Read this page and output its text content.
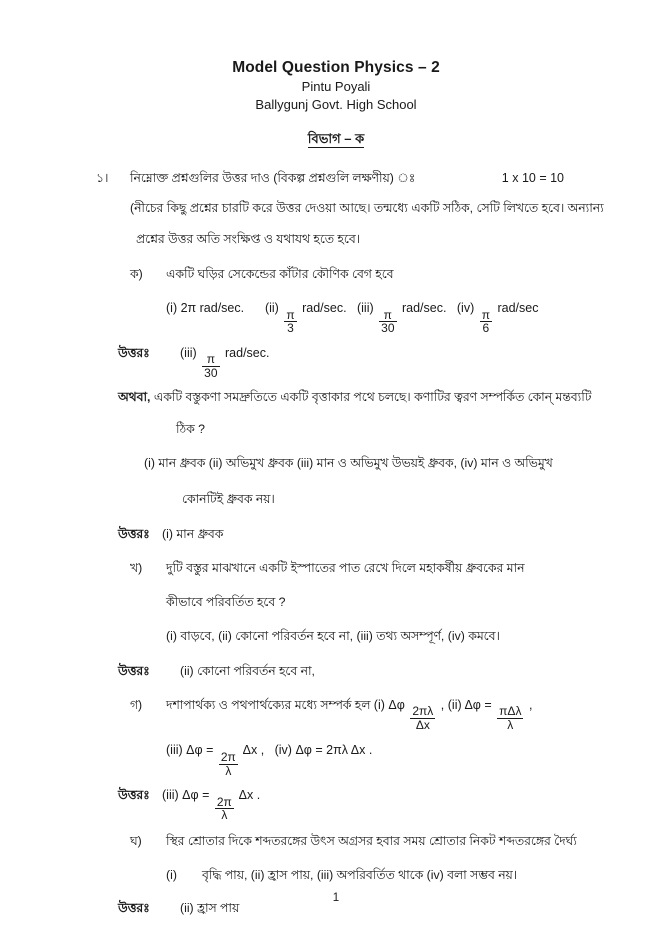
Model Question Physics – 2
Pintu Poyali
Ballygunj Govt. High School
বিভাগ – ক
১।	নিম্নোক্ত প্রশ্নগুলির উত্তর দাও (বিকল্প প্রশ্নগুলি লক্ষণীয়) ঃ	1 x 10 = 10
(নীচের কিছু প্রশ্নের চারটি করে উত্তর দেওয়া আছে। তন্মধ্যে একটি সঠিক, সেটি লিখতে হবে। অন্যান্য
প্রশ্নের উত্তর অতি সংক্ষিপ্ত ও যথাযথ হতে হবে।
ক)	একটি ঘড়ির সেকেন্ডের কাঁটার কৌণিক বেগ হবে
(i) 2π rad/sec. (ii)
$\frac{\pi}{3}$
rad/sec. (iii)
$\frac{\pi}{30}$
rad/sec. (iv)
$\frac{\pi}{6}$
rad/sec
উত্তরঃ	(iii)
$\frac{\pi}{30}$
rad/sec.
অথবা, একটি বস্তুকণা সমদ্রুতিতে একটি বৃত্তাকার পথে চলছে। কণাটির ত্বরণ সম্পর্কিত কোন্ মন্তব্যটি
ঠিক ?
(i) মান ধ্রুবক (ii) অভিমুখ ধ্রুবক (iii) মান ও অভিমুখ উভয়ই ধ্রুবক, (iv) মান ও অভিমুখ
কোনটিই ধ্রুবক নয়।
উত্তরঃ (i) মান ধ্রুবক
খ)	দুটি বস্তুর মাঝখানে একটি ইস্পাতের পাত রেখে দিলে মহাকর্ষীয় ধ্রুবকের মান
কীভাবে পরিবর্তিত হবে ?
(i) বাড়বে, (ii) কোনো পরিবর্তন হবে না, (iii) তথ্য অসম্পূর্ণ, (iv) কমবে।
উত্তরঃ	(ii) কোনো পরিবর্তন হবে না,
গ)	দশাপার্থক্য ও পথপার্থক্যের মধ্যে সম্পর্ক হল (i) Δφ
$\frac{2\pi\lambda}{\Delta x}$
, (ii) Δφ =
$\frac{\text{πΔλ}}{\lambda}$
,
(iii) Δφ =
$\frac{2\pi}{\lambda}$
Δx , (iv) Δφ = 2πλ Δx .
উত্তরঃ (iii) Δφ =
$\frac{2\pi}{\lambda}$
Δx .
ঘ)	স্থির শ্রোতার দিকে শব্দতরঙ্গের উৎস অগ্রসর হবার সময় শ্রোতার নিকট শব্দতরঙ্গের দৈর্ঘ্য
(i)	বৃদ্ধি পায়, (ii) হ্রাস পায়, (iii) অপরিবর্তিত থাকে (iv) বলা সম্ভব নয়।
উত্তরঃ	(ii) হ্রাস পায়
1
